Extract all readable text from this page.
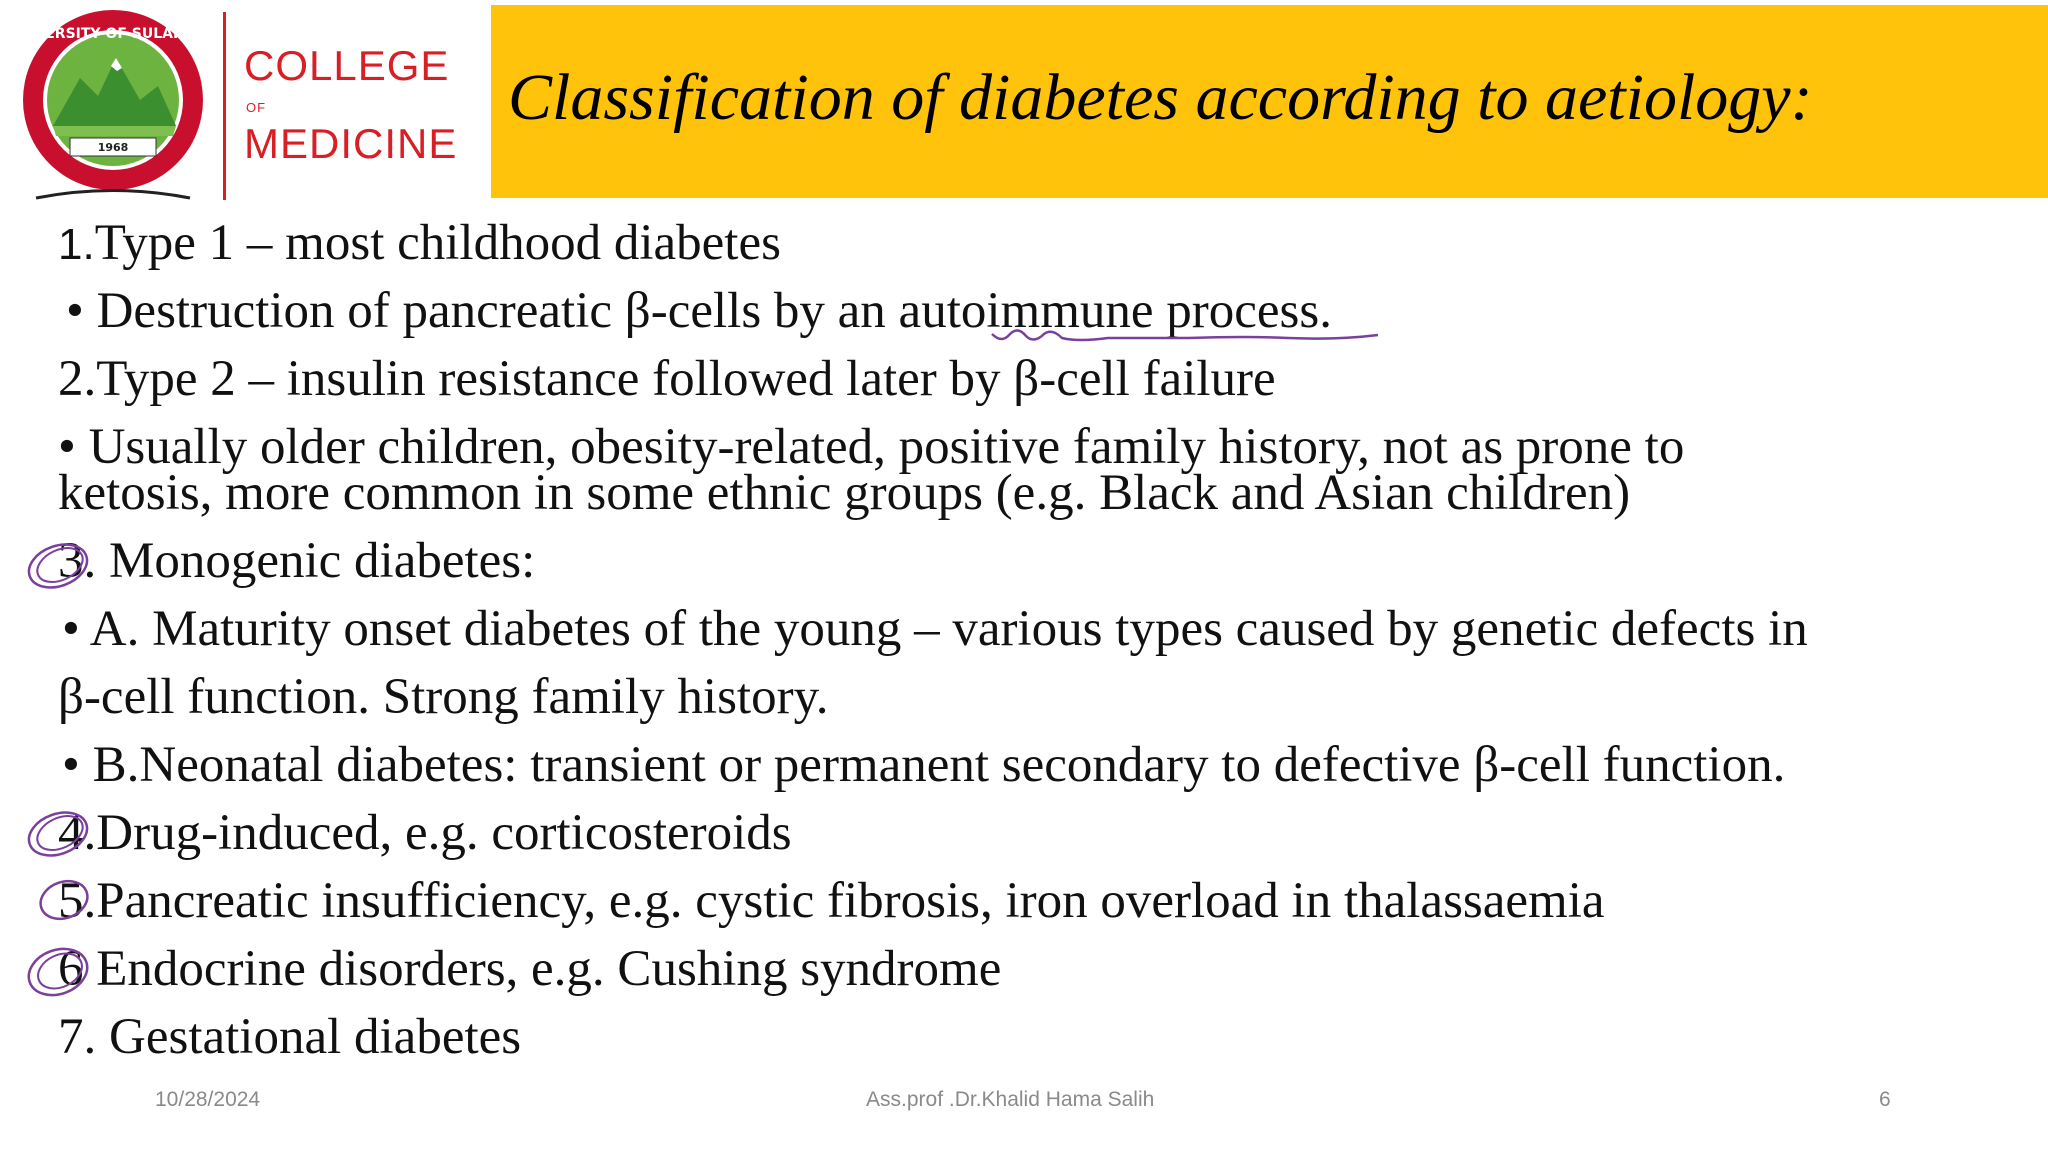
1968
UNIVERSITY OF SULAIMANI
COLLEGE
OF
MEDICINE
Classification of diabetes according to aetiology:
1.Type 1 – most childhood diabetes
• Destruction of pancreatic β-cells by an autoimmune process.
2.Type 2 – insulin resistance followed later by β-cell failure
• Usually older children, obesity-related, positive family history, not as prone to
ketosis, more common in some ethnic groups (e.g. Black and Asian children)
3. Monogenic diabetes:
• A. Maturity onset diabetes of the young – various types caused by genetic defects in
β-cell function. Strong family history.
• B.Neonatal diabetes: transient or permanent secondary to defective β-cell function.
4.Drug-induced, e.g. corticosteroids
5.Pancreatic insufficiency, e.g. cystic fibrosis, iron overload in thalassaemia
6 Endocrine disorders, e.g. Cushing syndrome
7. Gestational diabetes
10/28/2024	Ass.prof .Dr.Khalid Hama Salih	6
